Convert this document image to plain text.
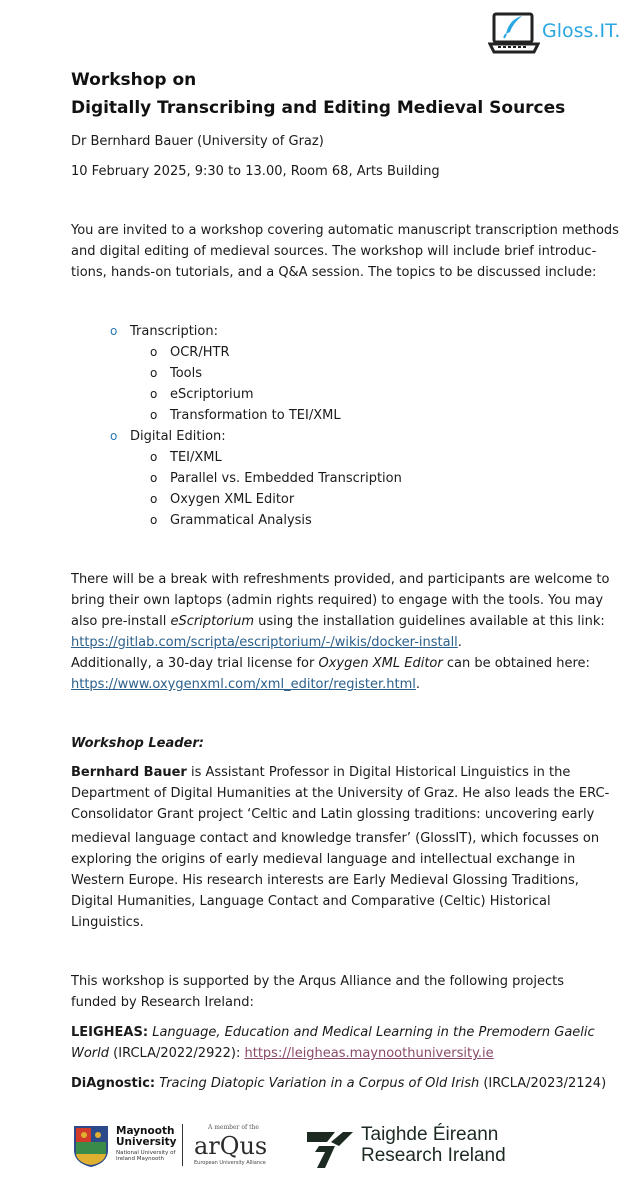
Gloss.IT.
Workshop on
Digitally Transcribing and Editing Medieval Sources
Dr Bernhard Bauer (University of Graz)
10 February 2025, 9:30 to 13.00, Room 68, Arts Building
You are invited to a workshop covering automatic manuscript transcription methods
and digital editing of medieval sources. The workshop will include brief introduc-
tions, hands-on tutorials, and a Q&A session. The topics to be discussed include:
o Transcription:
o OCR/HTR
o Tools
o eScriptorium
o Transformation to TEI/XML
o Digital Edition:
o TEI/XML
o Parallel vs. Embedded Transcription
o Oxygen XML Editor
o Grammatical Analysis
There will be a break with refreshments provided, and participants are welcome to
bring their own laptops (admin rights required) to engage with the tools. You may
also pre-install eScriptorium using the installation guidelines available at this link:
https://gitlab.com/scripta/escriptorium/-/wikis/docker-install.
Additionally, a 30-day trial license for Oxygen XML Editor can be obtained here:
https://www.oxygenxml.com/xml_editor/register.html.
Workshop Leader:
Bernhard Bauer is Assistant Professor in Digital Historical Linguistics in the
Department of Digital Humanities at the University of Graz. He also leads the ERC-
Consolidator Grant project ‘Celtic and Latin glossing traditions: uncovering early
medieval language contact and knowledge transfer’ (GlossIT), which focusses on
exploring the origins of early medieval language and intellectual exchange in
Western Europe. His research interests are Early Medieval Glossing Traditions,
Digital Humanities, Language Contact and Comparative (Celtic) Historical
Linguistics.
This workshop is supported by the Arqus Alliance and the following projects
funded by Research Ireland:
LEIGHEAS: Language, Education and Medical Learning in the Premodern Gaelic
World (IRCLA/2022/2922): https://leigheas.maynoothuniversity.ie
DiAgnostic: Tracing Diatopic Variation in a Corpus of Old Irish (IRCLA/2023/2124)
Maynooth
University
National University of Ireland Maynooth
A member of the
arQus
European University Alliance
Taighde Éireann
Research Ireland
